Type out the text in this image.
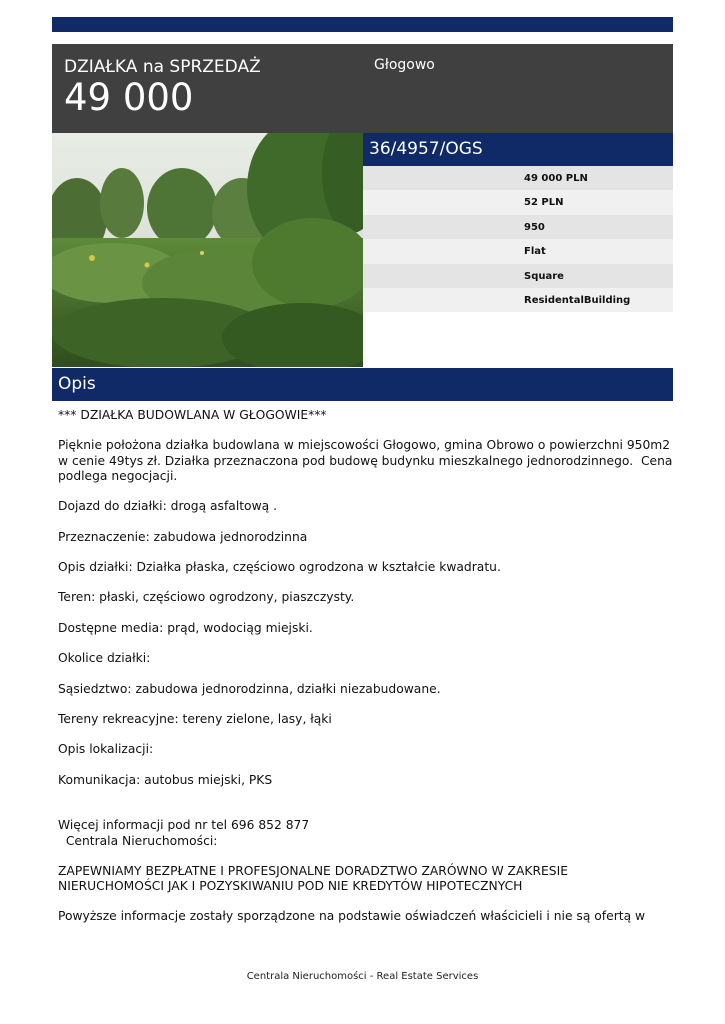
DZIAŁKA na SPRZEDAŻ
49 000
Głogowo
36/4957/OGS
49 000 PLN
52 PLN
950
Flat
Square
ResidentalBuilding
Opis

*** DZIAŁKA BUDOWLANA W GŁOGOWIE***

Pięknie położona działka budowlana w miejscowości Głogowo, gmina Obrowo o powierzchni 950m2 w cenie 49tys zł. Działka przeznaczona pod budowę budynku mieszkalnego jednorodzinnego.  Cena podlega negocjacji.

Dojazd do działki: drogą asfaltową .

Przeznaczenie: zabudowa jednorodzinna

Opis działki: Działka płaska, częściowo ogrodzona w kształcie kwadratu.

Teren: płaski, częściowo ogrodzony, piaszczysty.

Dostępne media: prąd, wodociąg miejski.

Okolice działki:

Sąsiedztwo: zabudowa jednorodzinna, działki niezabudowane.

Tereny rekreacyjne: tereny zielone, lasy, łąki

Opis lokalizacji:

Komunikacja: autobus miejski, PKS

Więcej informacji pod nr tel 696 852 877
Centrala Nieruchomości:

ZAPEWNIAMY BEZPŁATNE I PROFESJONALNE DORADZTWO ZARÓWNO W ZAKRESIE NIERUCHOMOŚCI JAK I POZYSKIWANIU POD NIE KREDYTÓW HIPOTECZNYCH

Powyższe informacje zostały sporządzone na podstawie oświadczeń właścicieli i nie są ofertą w

Centrala Nieruchomości - Real Estate Services
